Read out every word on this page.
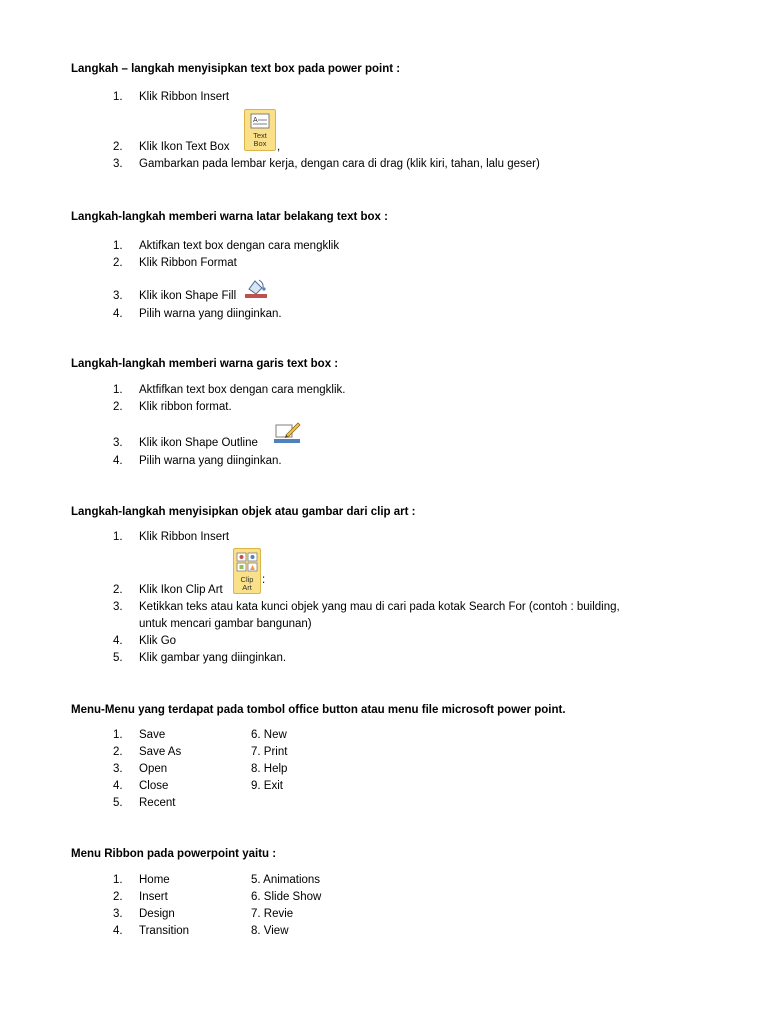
Langkah – langkah menyisipkan text box pada power point :
1. Klik Ribbon Insert
2. Klik Ikon Text Box
A
Text
Box ,
3. Gambarkan pada lembar kerja, dengan cara di drag (klik kiri, tahan, lalu geser)
Langkah-langkah memberi warna latar belakang text box :
1. Aktifkan text box dengan cara mengklik
2. Klik Ribbon Format
3. Klik ikon Shape Fill
4. Pilih warna yang diinginkan.
Langkah-langkah memberi warna garis text box :
1. Aktfifkan text box dengan cara mengklik.
2. Klik ribbon format.
3. Klik ikon Shape Outline
4. Pilih warna yang diinginkan.
Langkah-langkah menyisipkan objek atau gambar dari clip art :
1. Klik Ribbon Insert
Clip
Art
:
2. Klik Ikon Clip Art
3. Ketikkan teks atau kata kunci objek yang mau di cari pada kotak Search For (contoh : building,
untuk mencari gambar bangunan)
4. Klik Go
5. Klik gambar yang diinginkan.
Menu-Menu yang terdapat pada tombol office button atau menu file microsoft power point.
1. Save	6. New
2. Save As	7. Print
3. Open	8. Help
4. Close	9. Exit
5. Recent
Menu Ribbon pada powerpoint yaitu :
1. Home	5. Animations
2. Insert	6. Slide Show
3. Design	7. Revie
4. Transition	8. View
